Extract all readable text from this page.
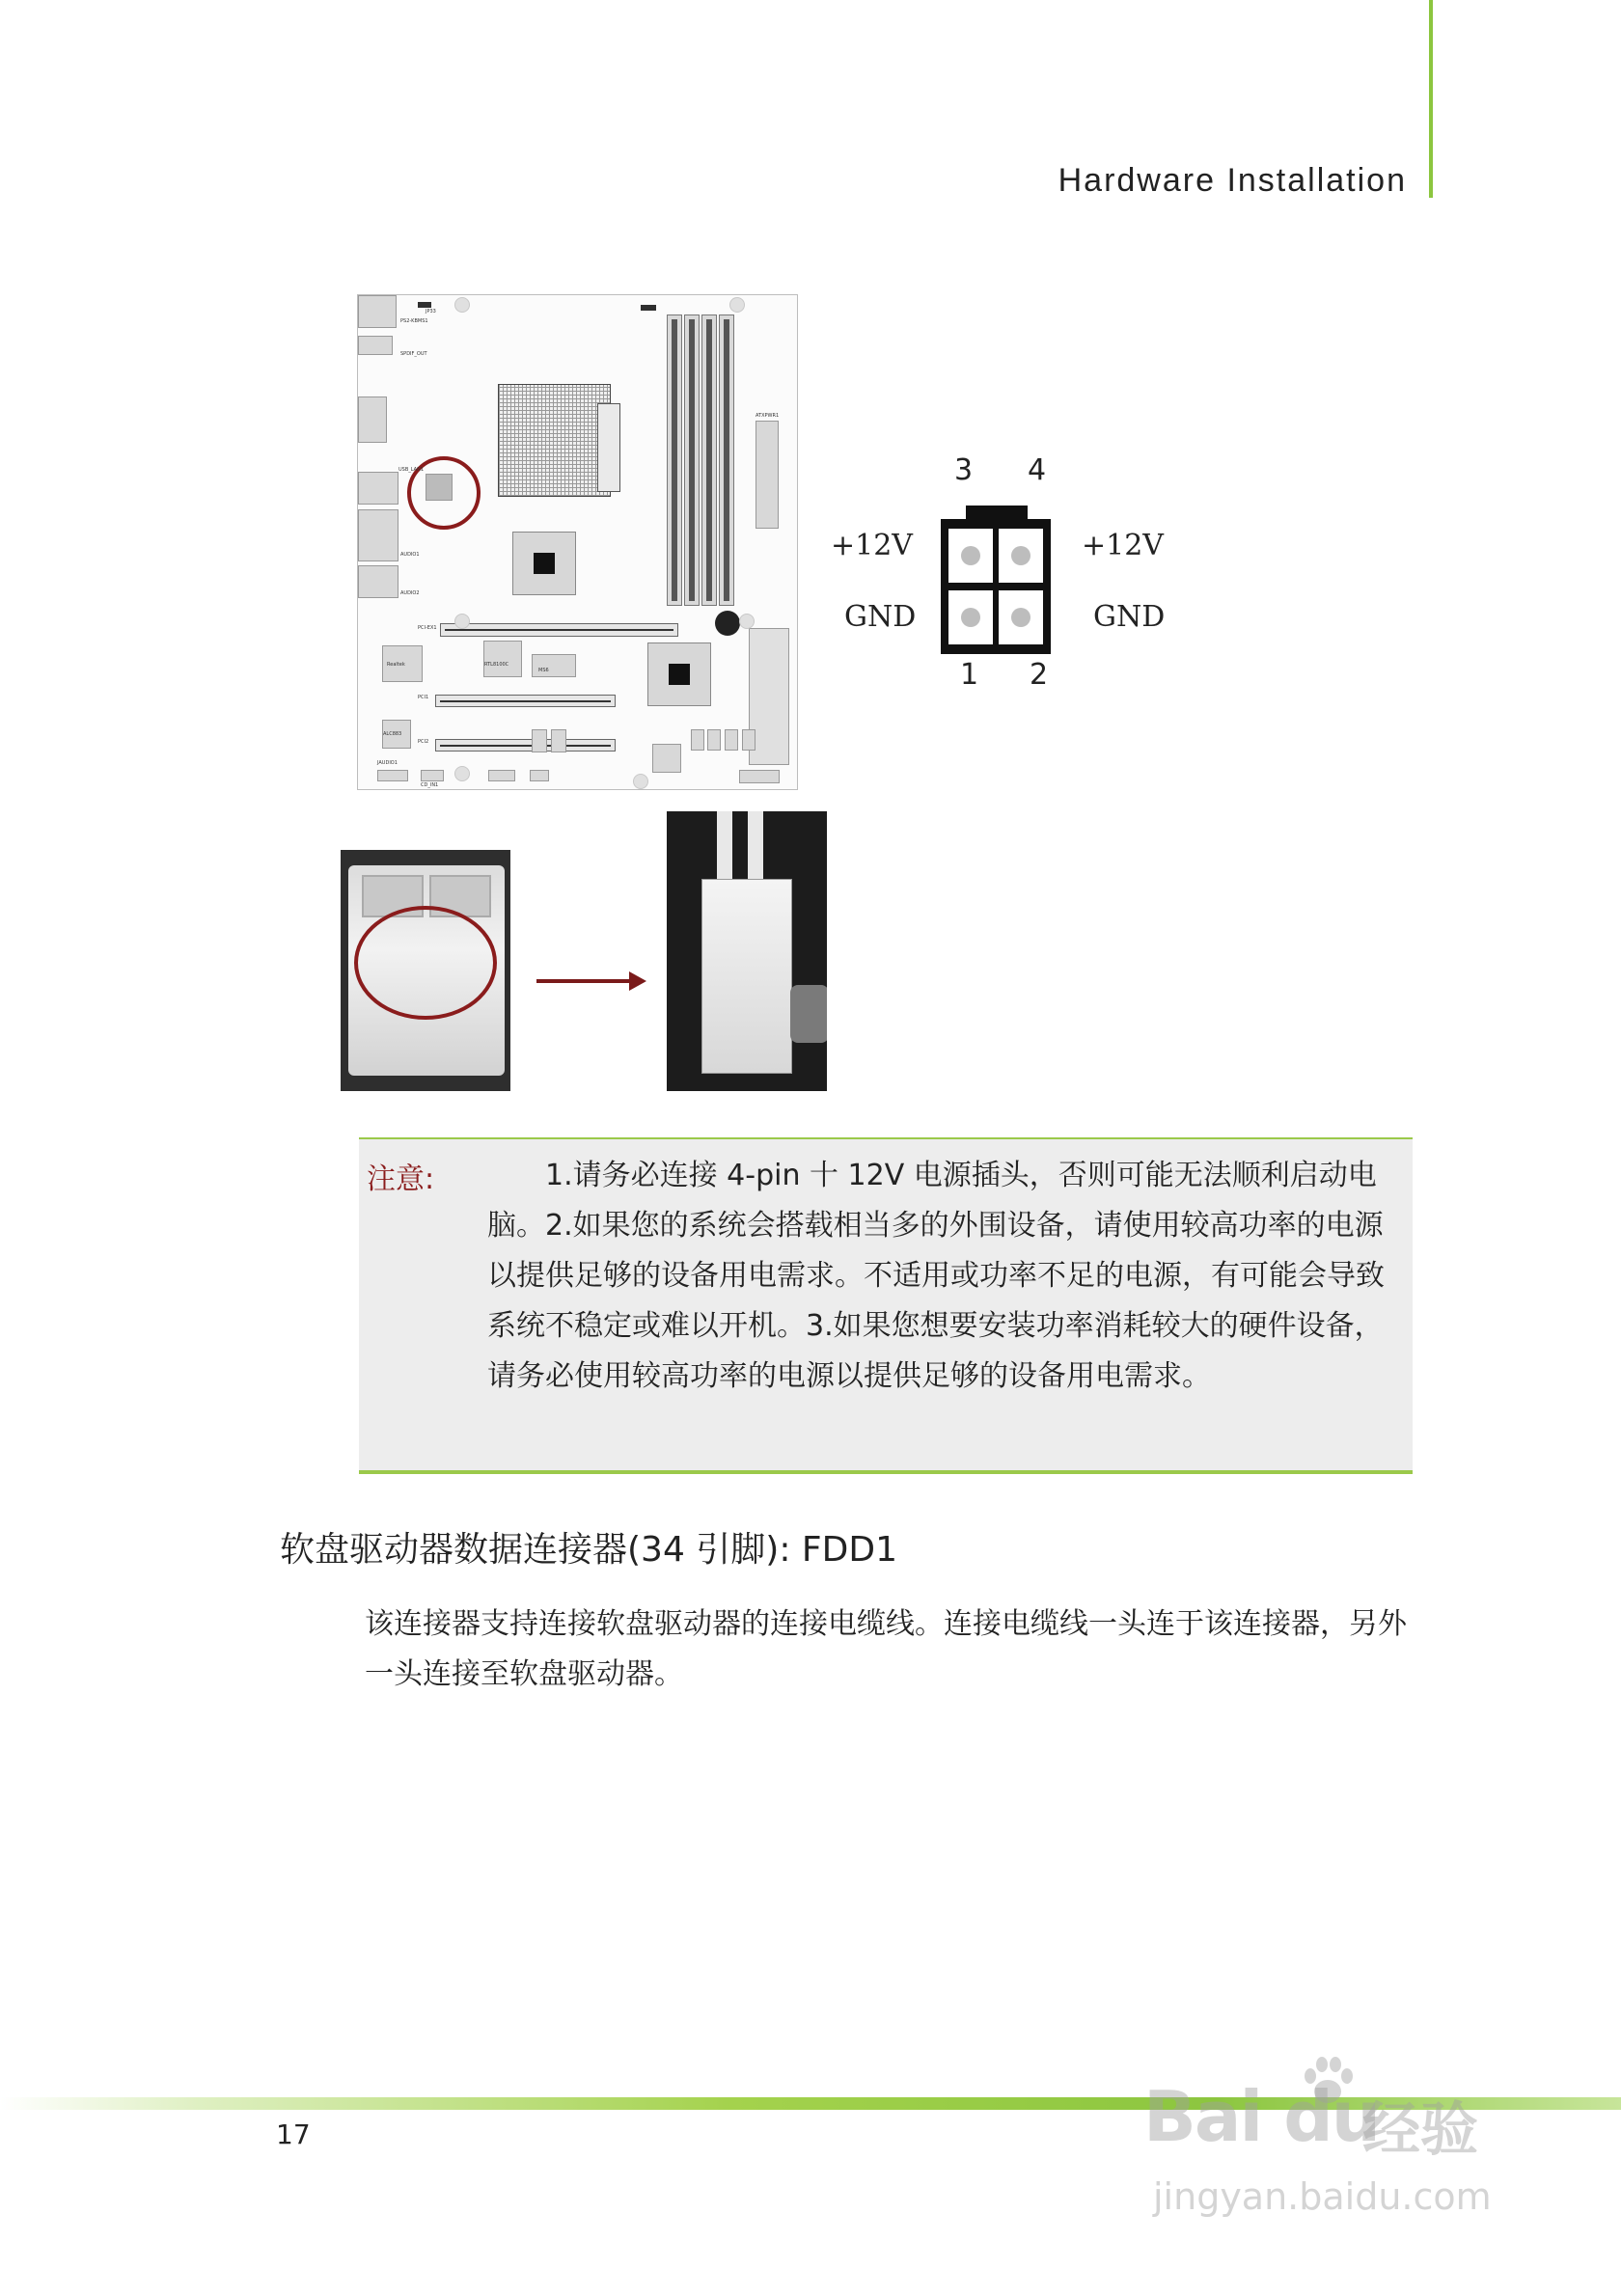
Hardware Installation
JP33
PS2-KBMS1
SPDIF_OUT
USB_LAN1
AUDIO1
AUDIO2
PCI-EX1
ATXPWR1
RTL8100C
MS6
PCI1
PCI2
JAUDIO1
CD_IN1
Realtek
ALC883
3 4
+12V	+12V
GND	GND
1 2
注意:	1.请务必连接 4-pin 十 12V 电源插头，否则可能无法顺利启动电脑。2.如果您的系统会搭载相当多的外围设备，请使用较高功率的电源以提供足够的设备用电需求。不适用或功率不足的电源，有可能会导致系统不稳定或难以开机。3.如果您想要安装功率消耗较大的硬件设备，请务必使用较高功率的电源以提供足够的设备用电需求。
软盘驱动器数据连接器(34 引脚): FDD1
该连接器支持连接软盘驱动器的连接电缆线。连接电缆线一头连于该连接器，另外一头连接至软盘驱动器。
17	Bai du
经验
jingyan.baidu.com
